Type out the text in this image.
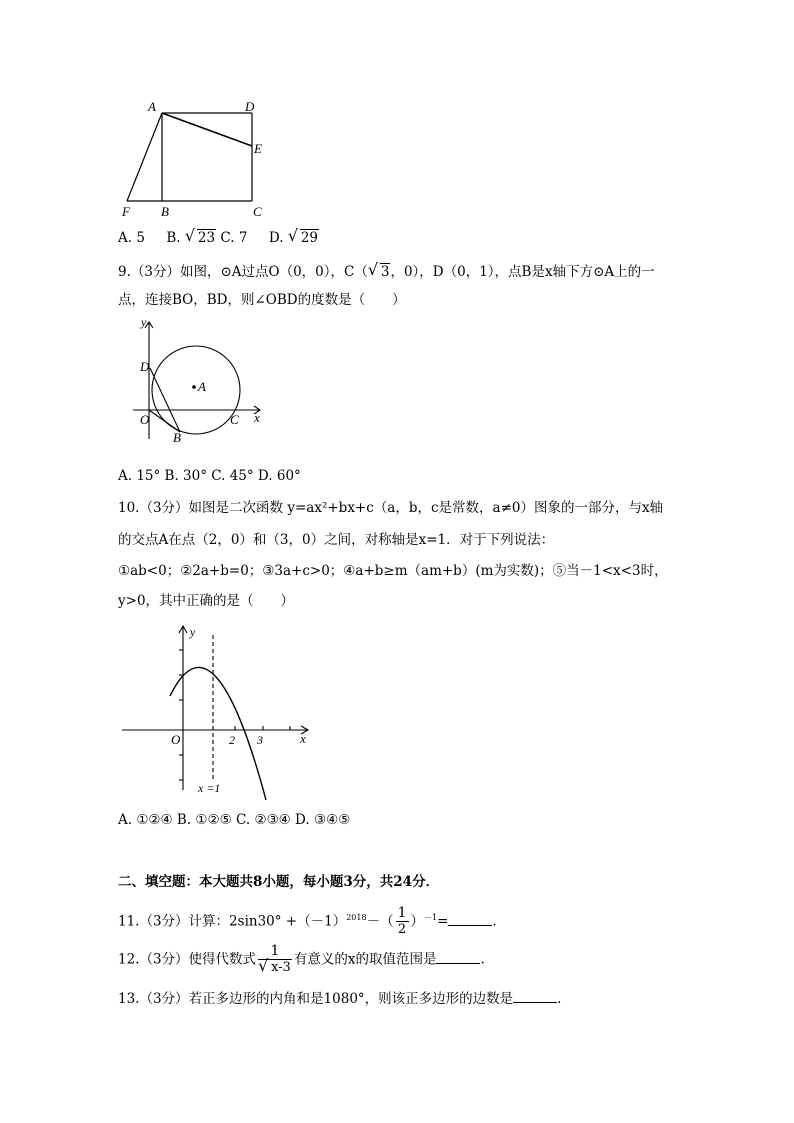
A	D
E
F B	C
A. 5 B. √ 23 C. 7 D. √ 29
9.（3分）如图，⊙A过点O（0，0），C（ √ 3，0），D（0，1），点B是x轴下方⊙A上的一
点，连接BO，BD，则∠OBD的度数是（　　）
y
D
A
O	C x
B
A. 15° B. 30° C. 45° D. 60°
10.（3分）如图是二次函数 y=ax²+bx+c（a，b，c是常数，a≠0）图象的一部分，与x轴
的交点A在点（2，0）和（3，0）之间，对称轴是x=1．对于下列说法：
①ab<0；②2a+b=0；③3a+c>0；④a+b≥m（am+b）(m为实数)；⑤当－1<x<3时，
y>0，其中正确的是（　　）
y
x
O	2 3
x =1
A. ①②④ B. ①②⑤ C. ②③④ D. ③④⑤
二、填空题：本大题共8小题，每小题3分，共24分．
11.（3分）计算：$2\sin 30^\circ +(-1)^{2018}-( \frac{1}{2} )^{-1}=$	.
12.（3分）使得代数式 $\frac{1}{√ x-3}$ 有意义的x的取值范围是	.
13.（3分）若正多边形的内角和是1080°，则该正多边形的边数是	.
